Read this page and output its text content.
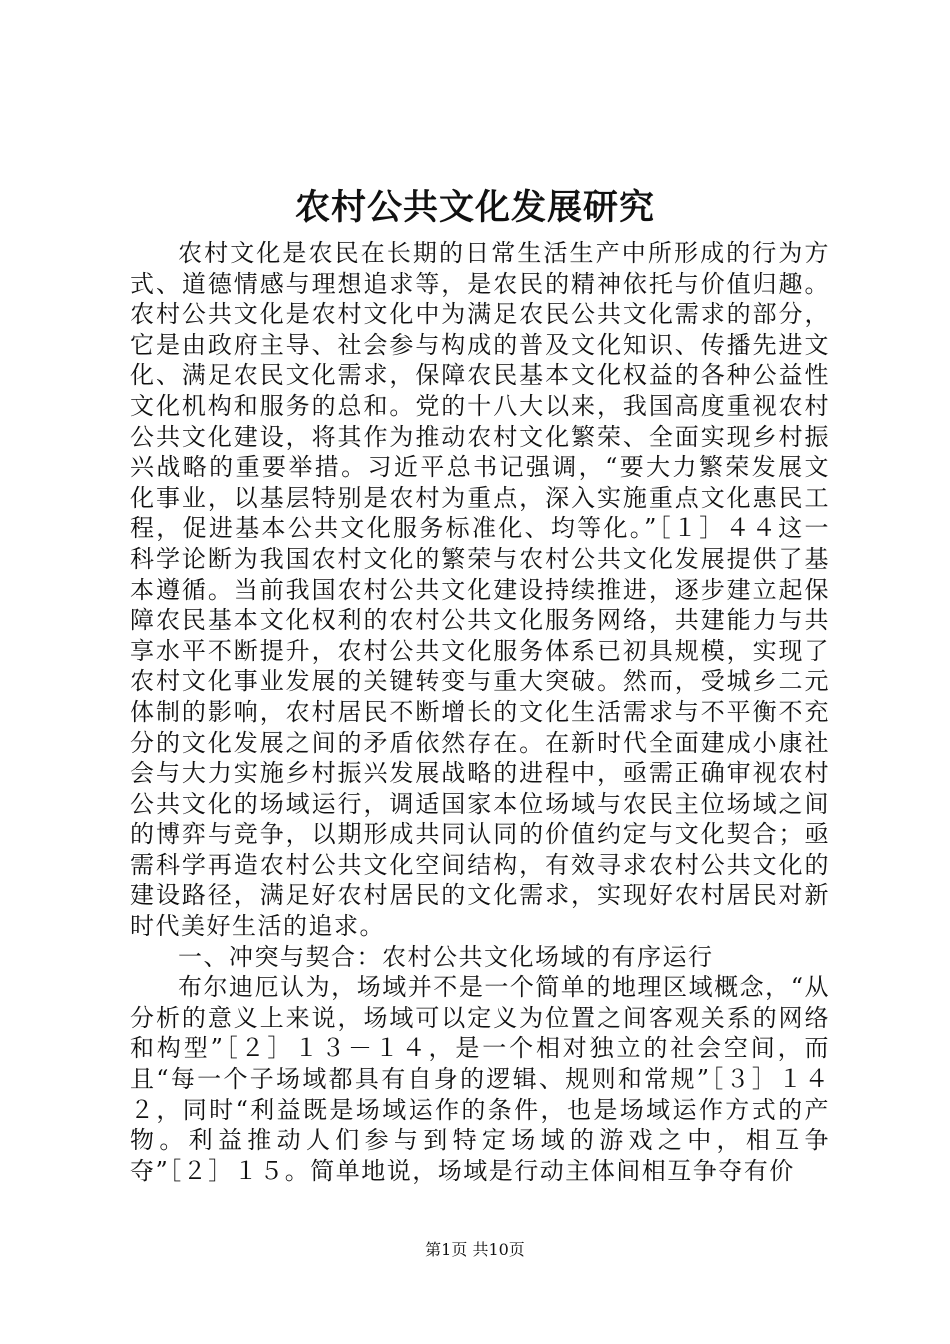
农村公共文化发展研究

农村文化是农民在长期的日常生活生产中所形成的行为方式、道德情感与理想追求等，是农民的精神依托与价值归趣。农村公共文化是农村文化中为满足农民公共文化需求的部分，它是由政府主导、社会参与构成的普及文化知识、传播先进文化、满足农民文化需求，保障农民基本文化权益的各种公益性文化机构和服务的总和。党的十八大以来，我国高度重视农村公共文化建设，将其作为推动农村文化繁荣、全面实现乡村振兴战略的重要举措。习近平总书记强调，“要大力繁荣发展文化事业，以基层特别是农村为重点，深入实施重点文化惠民工程，促进基本公共文化服务标准化、均等化。”［１］４４这一科学论断为我国农村文化的繁荣与农村公共文化发展提供了基本遵循。当前我国农村公共文化建设持续推进，逐步建立起保障农民基本文化权利的农村公共文化服务网络，共建能力与共享水平不断提升，农村公共文化服务体系已初具规模，实现了农村文化事业发展的关键转变与重大突破。然而，受城乡二元体制的影响，农村居民不断增长的文化生活需求与不平衡不充分的文化发展之间的矛盾依然存在。在新时代全面建成小康社会与大力实施乡村振兴发展战略的进程中，亟需正确审视农村公共文化的场域运行，调适国家本位场域与农民主位场域之间的博弈与竞争，以期形成共同认同的价值约定与文化契合；亟需科学再造农村公共文化空间结构，有效寻求农村公共文化的建设路径，满足好农村居民的文化需求，实现好农村居民对新时代美好生活的追求。

一、冲突与契合：农村公共文化场域的有序运行

布尔迪厄认为，场域并不是一个简单的地理区域概念，“从分析的意义上来说，场域可以定义为位置之间客观关系的网络和构型”［２］１３－１４，是一个相对独立的社会空间，而且“每一个子场域都具有自身的逻辑、规则和常规”［３］１４２，同时“利益既是场域运作的条件，也是场域运作方式的产物。利益推动人们参与到特定场域的游戏之中，相互争夺”［２］１５。简单地说，场域是行动主体间相互争夺有价

第1页 共10页
